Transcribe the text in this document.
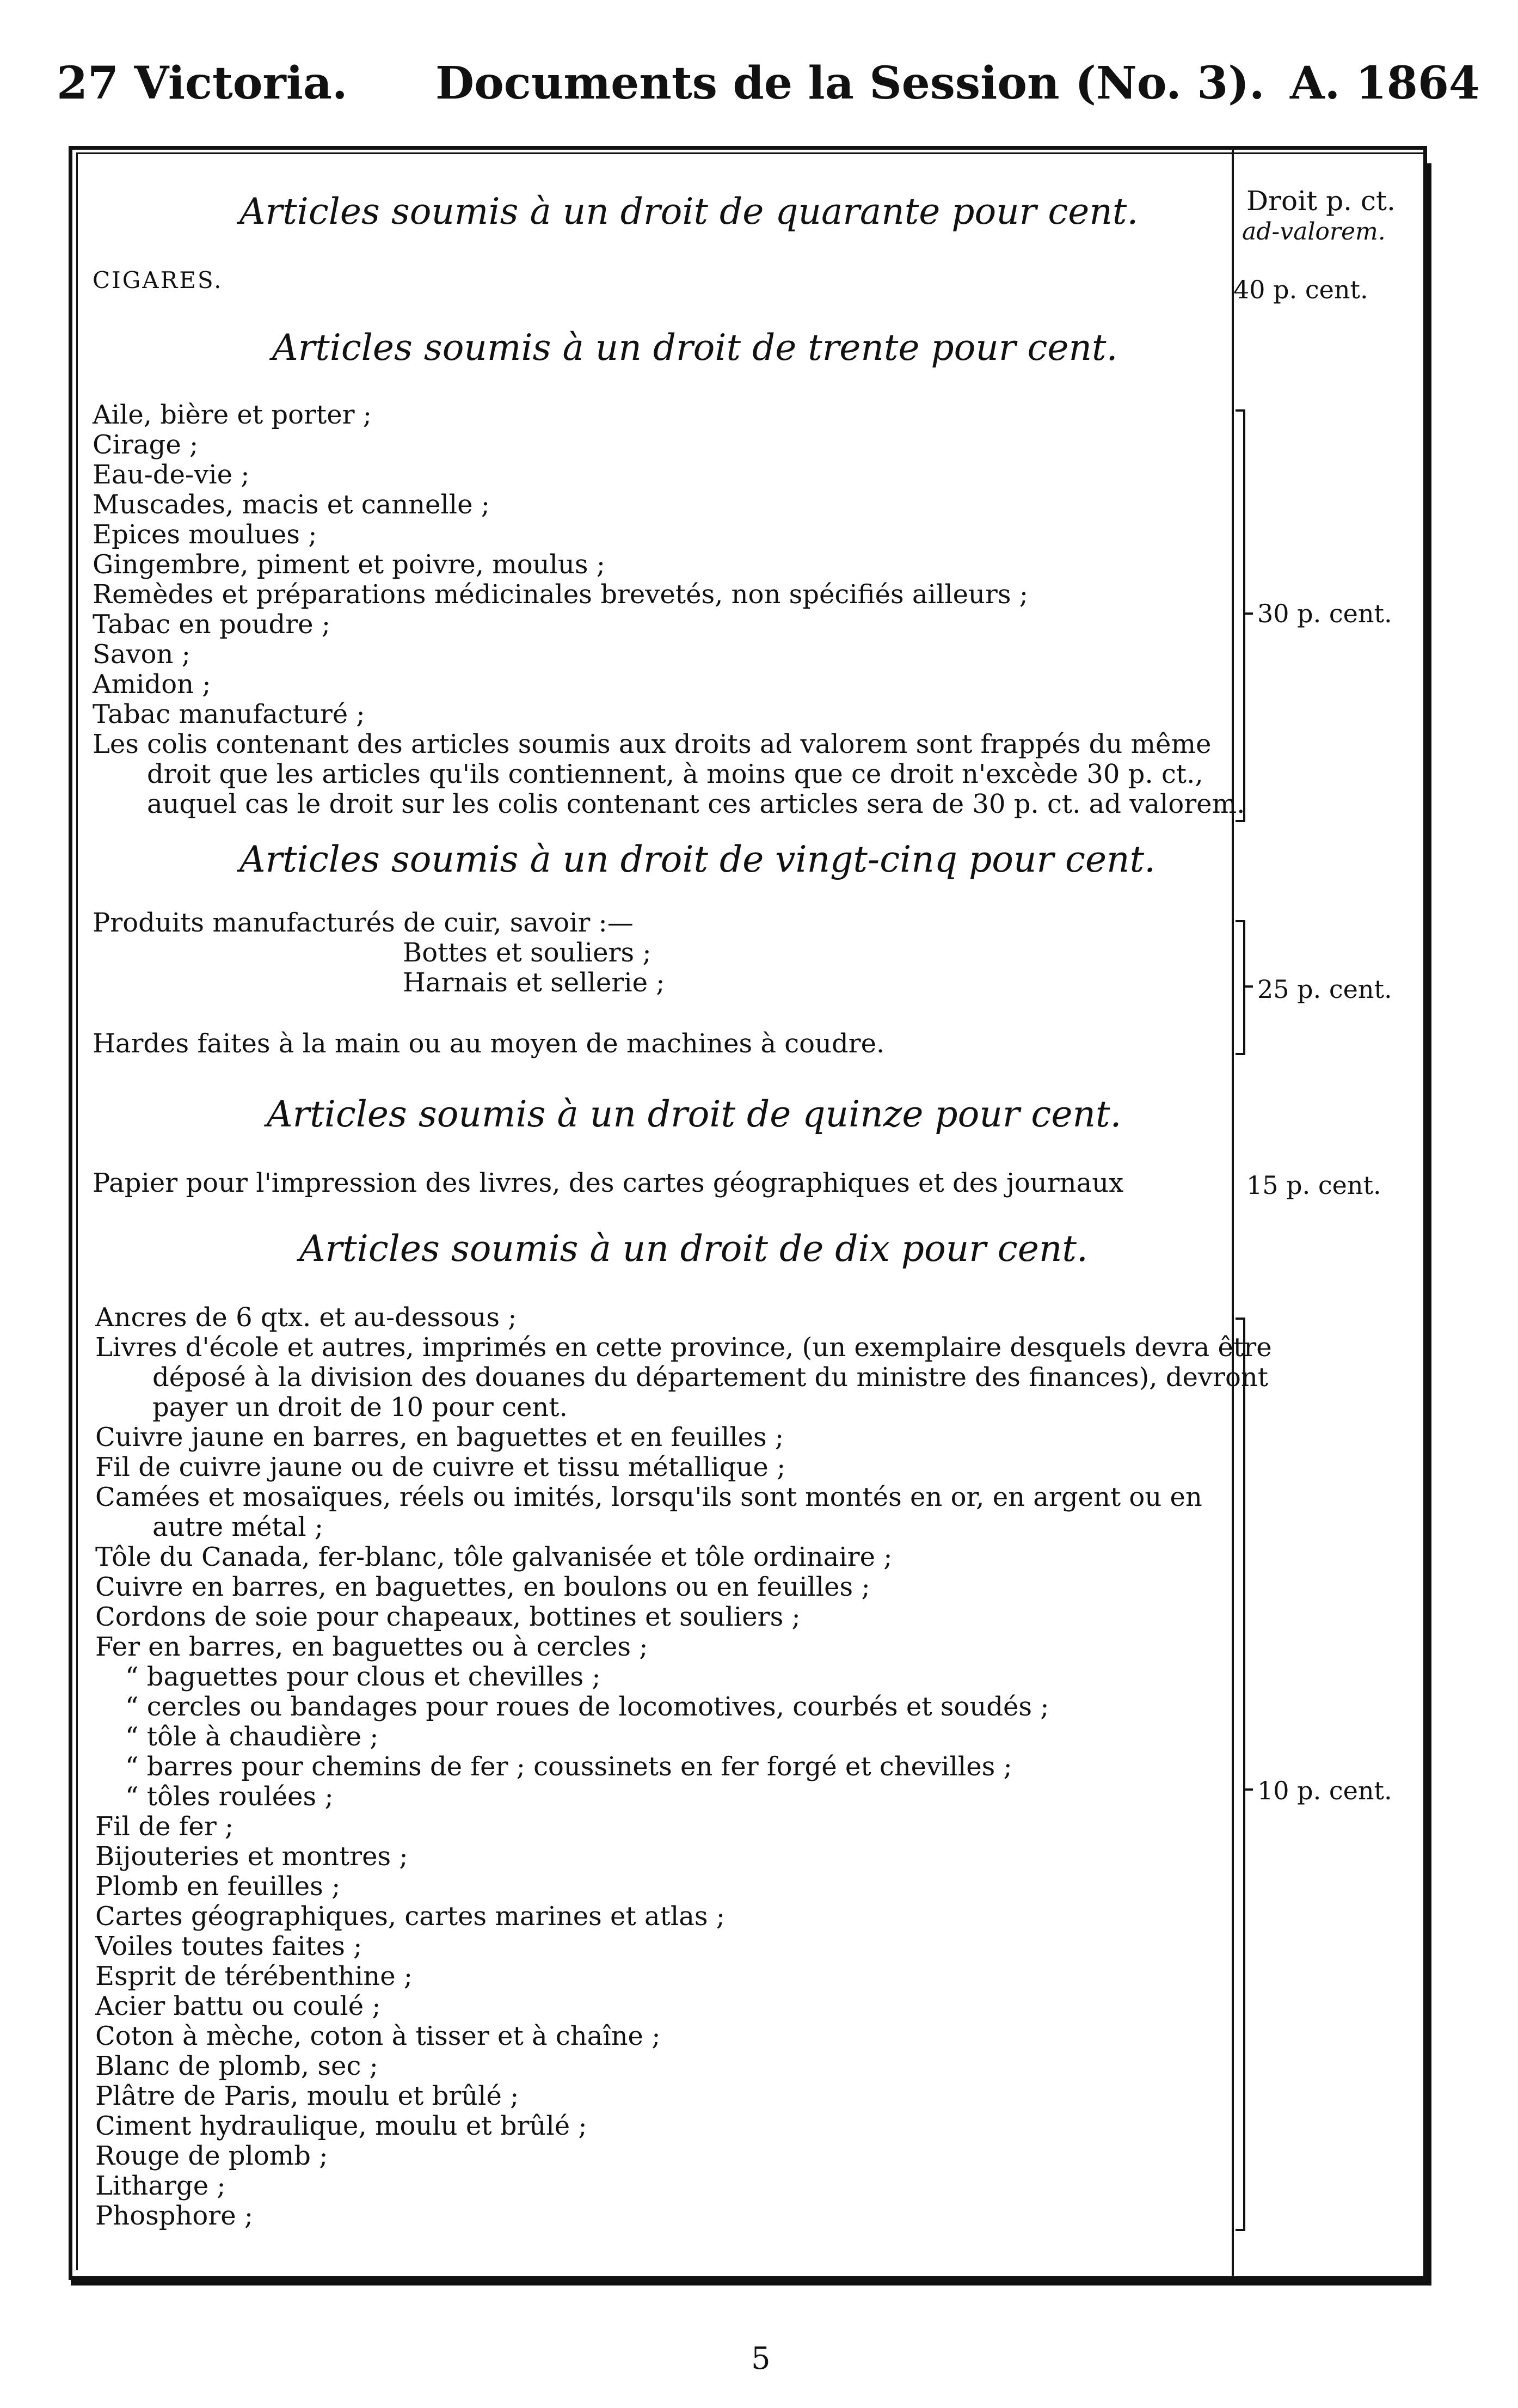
27 Victoria. Documents de la Session (No. 3). A. 1864
Droit p. ct.
ad-valorem.
Articles soumis à un droit de quarante pour cent.
CIGARES.	40 p. cent.
Articles soumis à un droit de trente pour cent.
Aile, bière et porter ;
Cirage ;
Eau-de-vie ;
Muscades, macis et cannelle ;
Epices moulues ;
Gingembre, piment et poivre, moulus ;
Remèdes et préparations médicinales brevetés, non spécifiés ailleurs ;
Tabac en poudre ;
Savon ;
Amidon ;
Tabac manufacturé ;
Les colis contenant des articles soumis aux droits ad valorem sont frappés du même
droit que les articles qu'ils contiennent, à moins que ce droit n'excède 30 p. ct.,
auquel cas le droit sur les colis contenant ces articles sera de 30 p. ct. ad valorem.
30 p. cent.
Articles soumis à un droit de vingt-cinq pour cent.
Produits manufacturés de cuir, savoir :—
Bottes et souliers ;
Harnais et sellerie ;
Hardes faites à la main ou au moyen de machines à coudre.
25 p. cent.
Articles soumis à un droit de quinze pour cent.
Papier pour l'impression des livres, des cartes géographiques et des journaux	15 p. cent.
Articles soumis à un droit de dix pour cent.
Ancres de 6 qtx. et au-dessous ;
Livres d'école et autres, imprimés en cette province, (un exemplaire desquels devra être
déposé à la division des douanes du département du ministre des finances), devront
payer un droit de 10 pour cent.
Cuivre jaune en barres, en baguettes et en feuilles ;
Fil de cuivre jaune ou de cuivre et tissu métallique ;
Camées et mosaïques, réels ou imités, lorsqu'ils sont montés en or, en argent ou en
autre métal ;
Tôle du Canada, fer-blanc, tôle galvanisée et tôle ordinaire ;
Cuivre en barres, en baguettes, en boulons ou en feuilles ;
Cordons de soie pour chapeaux, bottines et souliers ;
Fer en barres, en baguettes ou à cercles ;
“ baguettes pour clous et chevilles ;
“ cercles ou bandages pour roues de locomotives, courbés et soudés ;
“ tôle à chaudière ;
“ barres pour chemins de fer ; coussinets en fer forgé et chevilles ;
“ tôles roulées ;
Fil de fer ;
Bijouteries et montres ;
Plomb en feuilles ;
Cartes géographiques, cartes marines et atlas ;
Voiles toutes faites ;
Esprit de térébenthine ;
Acier battu ou coulé ;
Coton à mèche, coton à tisser et à chaîne ;
Blanc de plomb, sec ;
Plâtre de Paris, moulu et brûlé ;
Ciment hydraulique, moulu et brûlé ;
Rouge de plomb ;
Litharge ;
Phosphore ;
10 p. cent.
5
